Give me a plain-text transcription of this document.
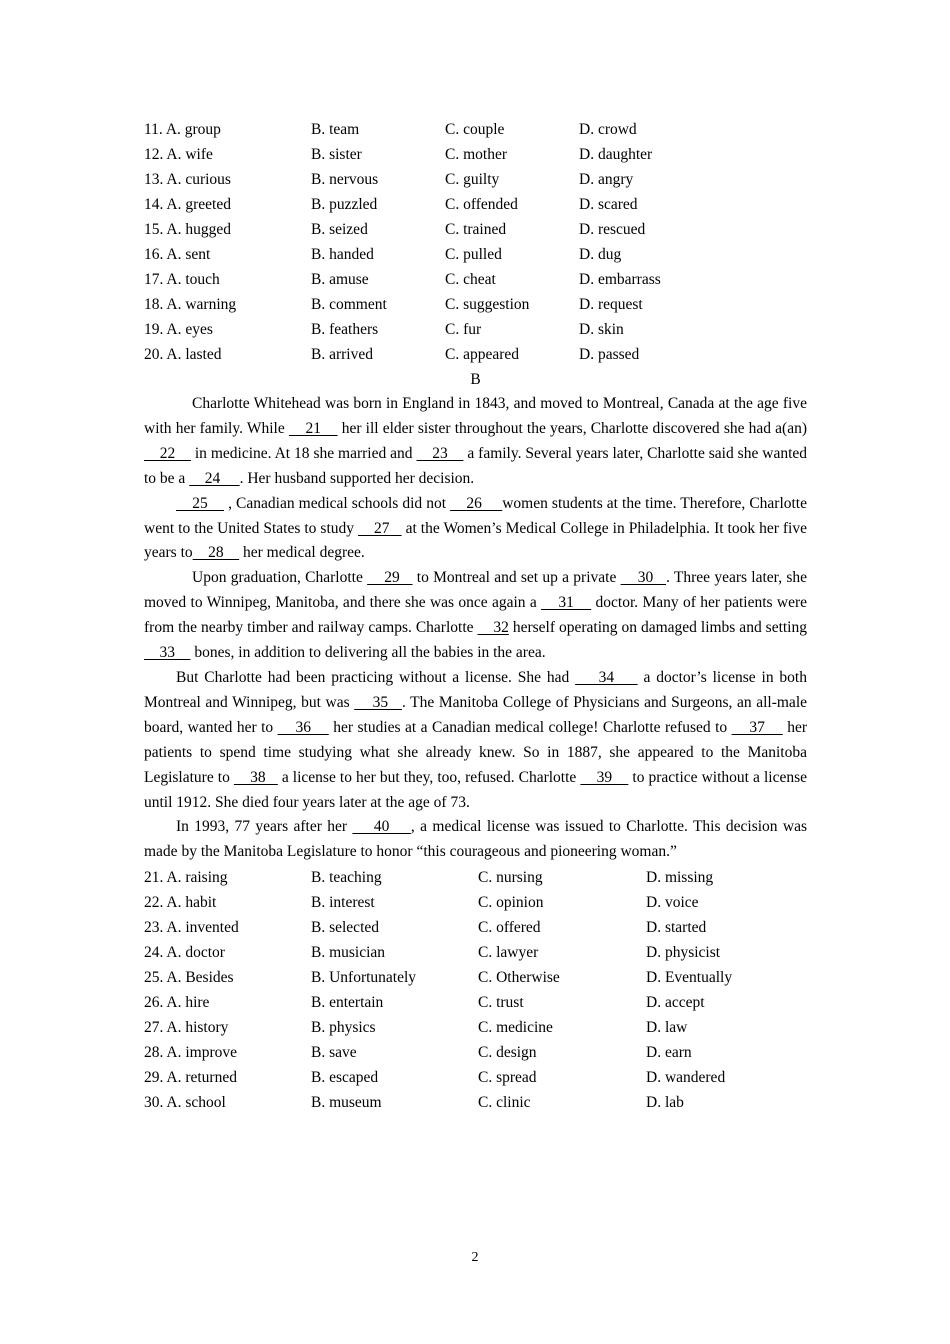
11. A. group	B. team	C. couple	D. crowd
12. A. wife	B. sister	C. mother	D. daughter
13. A. curious	B. nervous	C. guilty	D. angry
14. A. greeted	B. puzzled	C. offended	D. scared
15. A. hugged	B. seized	C. trained	D. rescued
16. A. sent	B. handed	C. pulled	D. dug
17. A. touch	B. amuse	C. cheat	D. embarrass
18. A. warning	B. comment	C. suggestion	D. request
19. A. eyes	B. feathers	C. fur	D. skin
20. A. lasted	B. arrived	C. appeared	D. passed
B

Charlotte Whitehead was born in England in 1843, and moved to Montreal, Canada at the age five with her family. While     21     her ill elder sister throughout the years, Charlotte discovered she had a(an)     22     in medicine. At 18 she married and     23     a family. Several years later, Charlotte said she wanted to be a     24     . Her husband supported her decision.

25     , Canadian medical schools did not     26     women students at the time. Therefore, Charlotte went to the United States to study     27    at the Women’s Medical College in Philadelphia. It took her five years to    28     her medical degree.

Upon graduation, Charlotte     29    to Montreal and set up a private     30   . Three years later, she moved to Winnipeg, Manitoba, and there she was once again a     31     doctor. Many of her patients were from the nearby timber and railway camps. Charlotte     32 herself operating on damaged limbs and setting     33     bones, in addition to delivering all the babies in the area.

But Charlotte had been practicing without a license. She had     34     a doctor’s license in both Montreal and Winnipeg, but was     35   . The Manitoba College of Physicians and Surgeons, an all-male board, wanted her to     36     her studies at a Canadian medical college! Charlotte refused to     37     her patients to spend time studying what she already knew. So in 1887, she appeared to the Manitoba Legislature to     38    a license to her but they, too, refused. Charlotte     39     to practice without a license until 1912. She died four years later at the age of 73.

In 1993, 77 years after her     40    , a medical license was issued to Charlotte. This decision was made by the Manitoba Legislature to honor “this courageous and pioneering woman.”

21. A. raising	B. teaching	C. nursing	D. missing
22. A. habit	B. interest	C. opinion	D. voice
23. A. invented	B. selected	C. offered	D. started
24. A. doctor	B. musician	C. lawyer	D. physicist
25. A. Besides	B. Unfortunately	C. Otherwise	D. Eventually
26. A. hire	B. entertain	C. trust	D. accept
27. A. history	B. physics	C. medicine	D. law
28. A. improve	B. save	C. design	D. earn
29. A. returned	B. escaped	C. spread	D. wandered
30. A. school	B. museum	C. clinic	D. lab
2
